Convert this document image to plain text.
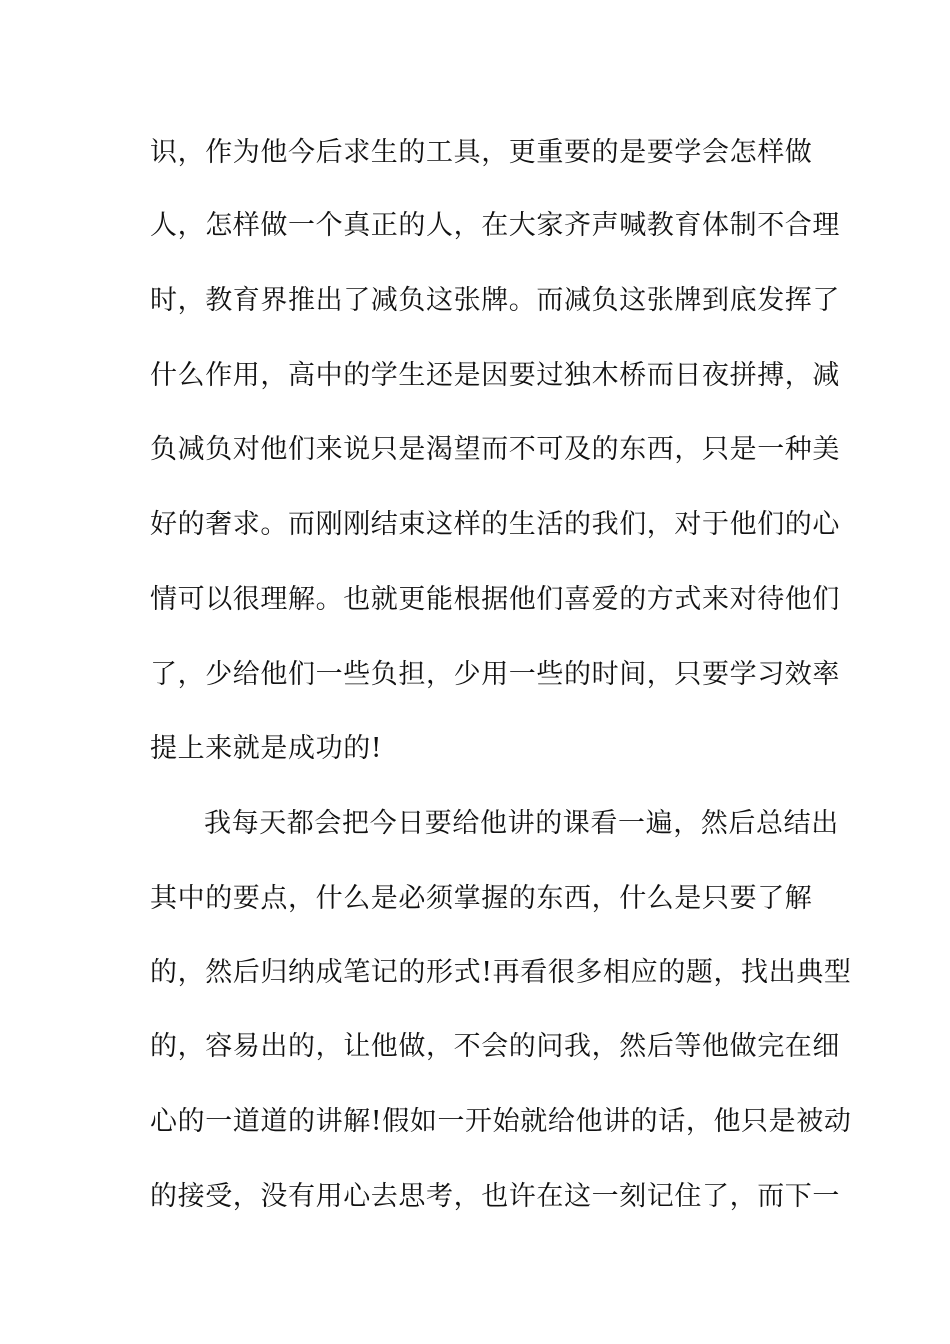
识，作为他今后求生的工具，更重要的是要学会怎样做
人，怎样做一个真正的人，在大家齐声喊教育体制不合理
时，教育界推出了减负这张牌。而减负这张牌到底发挥了
什么作用，高中的学生还是因要过独木桥而日夜拼搏，减
负减负对他们来说只是渴望而不可及的东西，只是一种美
好的奢求。而刚刚结束这样的生活的我们，对于他们的心
情可以很理解。也就更能根据他们喜爱的方式来对待他们
了，少给他们一些负担，少用一些的时间，只要学习效率
提上来就是成功的!
我每天都会把今日要给他讲的课看一遍，然后总结出
其中的要点，什么是必须掌握的东西，什么是只要了解
的，然后归纳成笔记的形式!再看很多相应的题，找出典型
的，容易出的，让他做，不会的问我，然后等他做完在细
心的一道道的讲解!假如一开始就给他讲的话，他只是被动
的接受，没有用心去思考，也许在这一刻记住了，而下一
